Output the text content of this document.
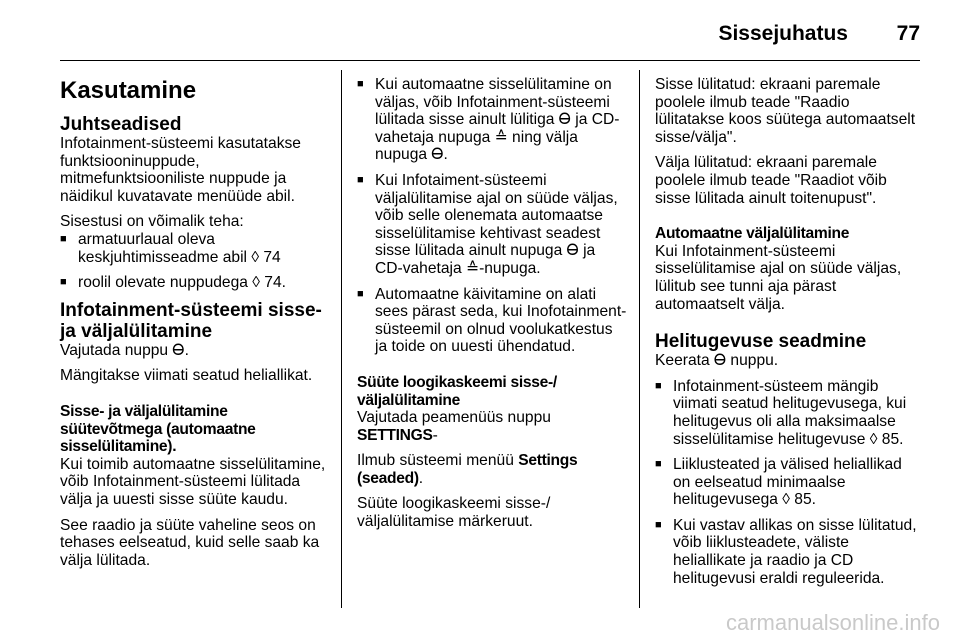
Sissejuhatus 77
Kasutamine
Juhtseadised

Infotainment-süsteemi kasutatakse funktsiooninuppude, mitmefunktsiooniliste nuppude ja näidikul kuvatavate menüüde abil.

Sisestusi on võimalik teha:

■ armatuurlaual oleva keskjuhtimisseadme abil ◊ 74
■ roolil olevate nuppudega ◊ 74.
Infotainment-süsteemi sisse- ja väljalülitamine

Vajutada nuppu Ꮎ.

Mängitakse viimati seatud heliallikat.

Sisse- ja väljalülitamine süütevõtmega (automaatne sisselülitamine).

Kui toimib automaatne sisselülitamine, võib Infotainment-süsteemi lülitada välja ja uuesti sisse süüte kaudu.

See raadio ja süüte vaheline seos on tehases eelseatud, kuid selle saab ka välja lülitada.

■ Kui automaatne sisselülitamine on väljas, võib Infotainment-süsteemi lülitada sisse ainult lülitiga Ꮎ ja CD-vahetaja nupuga ≙ ning välja nupuga Ꮎ.
■ Kui Infotaiment-süsteemi väljalülitamise ajal on süüde väljas, võib selle olenemata automaatse sisselülitamise kehtivast seadest sisse lülitada ainult nupuga Ꮎ ja CD-vahetaja ≙-nupuga.
■ Automaatne käivitamine on alati sees pärast seda, kui Inofotainment-süsteemil on olnud voolukatkestus ja toide on uuesti ühendatud.
Süüte loogikaskeemi sisse-/ väljalülitamine

Vajutada peamenüüs nuppu SETTINGS-

Ilmub süsteemi menüü Settings (seaded).

Süüte loogikaskeemi sisse-/ väljalülitamise märkeruut.

Sisse lülitatud: ekraani paremale poolele ilmub teade "Raadio lülitatakse koos süütega automaatselt sisse/välja".

Välja lülitatud: ekraani paremale poolele ilmub teade "Raadiot võib sisse lülitada ainult toitenupust".

Automaatne väljalülitamine

Kui Infotainment-süsteemi sisselülitamise ajal on süüde väljas, lülitub see tunni aja pärast automaatselt välja.

Helitugevuse seadmine

Keerata Ꮎ nuppu.

■ Infotainment-süsteem mängib viimati seatud helitugevusega, kui helitugevus oli alla maksimaalse sisselülitamise helitugevuse ◊ 85.
■ Liiklusteated ja välised heliallikad on eelseatud minimaalse helitugevusega ◊ 85.
■ Kui vastav allikas on sisse lülitatud, võib liiklusteadete, väliste heliallikate ja raadio ja CD helitugevusi eraldi reguleerida.
carmanualsonline.info
